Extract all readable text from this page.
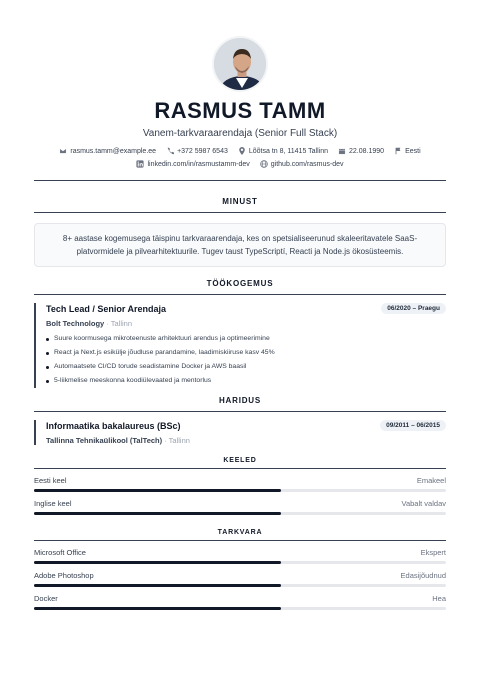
RASMUS TAMM
Vanem-tarkvaraarendaja (Senior Full Stack)
rasmus.tamm@example.ee	+372 5987 6543	Lõõtsa tn 8, 11415 Tallinn	22.08.1990	Eesti
linkedin.com/in/rasmustamm-dev	github.com/rasmus-dev
MINUST
8+ aastase kogemusega täispinu tarkvaraarendaja, kes on spetsialiseerunud skaleeritavatele SaaS-platvormidele ja pilvearhitektuurile. Tugev taust TypeScriptí, Reacti ja Node.js ökosüsteemis.
TÖÖKOGEMUS
Tech Lead / Senior Arendaja	06/2020 – Praegu
Bolt Technology · Tallinn
Suure koormusega mikroteenuste arhitektuuri arendus ja optimeerimine
React ja Next.js esikülje jõudluse parandamine, laadimiskiiruse kasv 45%
Automaatsete CI/CD torude seadistamine Docker ja AWS baasil
5-liikmelise meeskonna koodiülevaated ja mentorlus
HARIDUS
Informaatika bakalaureus (BSc)	09/2011 – 06/2015
Tallinna Tehnikaülikool (TalTech) · Tallinn
KEELED
Eesti keel	Emakeel
Inglise keel	Vabalt valdav
TARKVARA
Microsoft Office	Ekspert
Adobe Photoshop	Edasijõudnud
Docker	Hea
